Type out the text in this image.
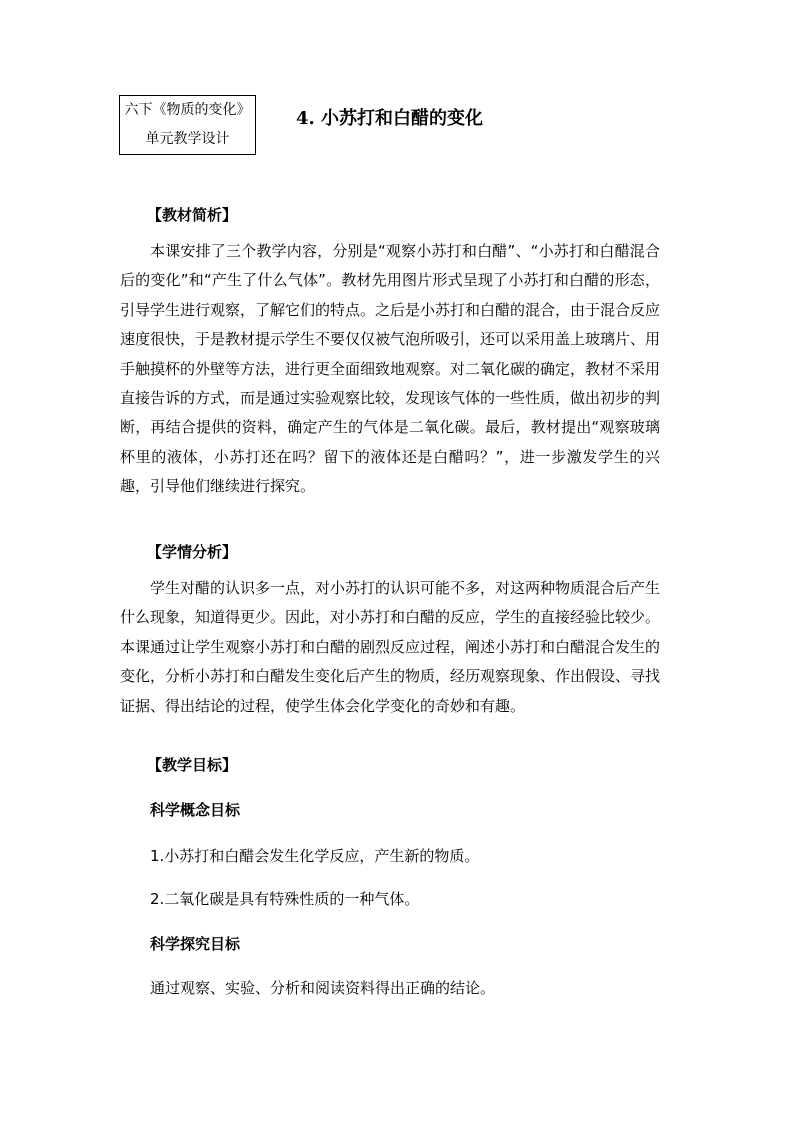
六下《物质的变化》
单元教学设计
4. 小苏打和白醋的变化
【教材简析】
本课安排了三个教学内容，分别是“观察小苏打和白醋”、“小苏打和白醋混合后的变化”和“产生了什么气体”。教材先用图片形式呈现了小苏打和白醋的形态，引导学生进行观察，了解它们的特点。之后是小苏打和白醋的混合，由于混合反应速度很快，于是教材提示学生不要仅仅被气泡所吸引，还可以采用盖上玻璃片、用手触摸杯的外壁等方法，进行更全面细致地观察。对二氧化碳的确定，教材不采用直接告诉的方式，而是通过实验观察比较，发现该气体的一些性质，做出初步的判断，再结合提供的资料，确定产生的气体是二氧化碳。最后，教材提出“观察玻璃杯里的液体，小苏打还在吗？留下的液体还是白醋吗？”，进一步激发学生的兴趣，引导他们继续进行探究。
【学情分析】
学生对醋的认识多一点，对小苏打的认识可能不多，对这两种物质混合后产生什么现象，知道得更少。因此，对小苏打和白醋的反应，学生的直接经验比较少。本课通过让学生观察小苏打和白醋的剧烈反应过程，阐述小苏打和白醋混合发生的变化，分析小苏打和白醋发生变化后产生的物质，经历观察现象、作出假设、寻找证据、得出结论的过程，使学生体会化学变化的奇妙和有趣。
【教学目标】
科学概念目标
1.小苏打和白醋会发生化学反应，产生新的物质。
2.二氧化碳是具有特殊性质的一种气体。
科学探究目标
通过观察、实验、分析和阅读资料得出正确的结论。
